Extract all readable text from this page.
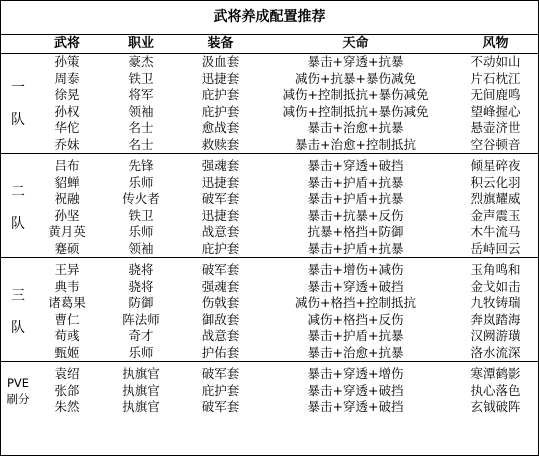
武将养成配置推荐
	武将	职业	装备	天命	风物

一
队	孙策	豪杰	汲血套	暴击+穿透+抗暴	不动如山
	周泰	铁卫	迅捷套	减伤+抗暴+暴伤减免	片石枕江
	徐晃	将军	庇护套	减伤+控制抵抗+暴伤减免	无间鹿鸣
	孙权	领袖	庇护套	减伤+控制抵抗+暴伤减免	望峰握心
	华佗	名士	愈战套	暴击+治愈+抗暴	悬壶济世
	乔妹	名士	救赎套	暴击+治愈+控制抵抗	空谷顿音

二
队	吕布	先锋	强魂套	暴击+穿透+破挡	倾星碎夜
	貂蝉	乐师	迅捷套	暴击+护盾+抗暴	积云化羽
	祝融	传火者	破军套	暴击+护盾+抗暴	烈旗耀威
	孙坚	铁卫	迅捷套	暴击+抗暴+反伤	金声震玉
	黄月英	乐师	战意套	抗暴+格挡+防御	木牛流马
	蹇硕	领袖	庇护套	暴击+护盾+抗暴	岳峙回云

三
队	王异	骁将	破军套	暴击+增伤+减伤	玉角鸣和
	典韦	骁将	强魂套	暴击+穿透+破挡	金戈如击
	诸葛果	防御	伤戟套	减伤+格挡+控制抵抗	九牧铸瑞
	曹仁	阵法师	御敌套	减伤+格挡+反伤	奔岚踏海
	荀彧	奇才	战意套	暴击+护盾+抗暴	汉阙游璜
	甄姬	乐师	护佑套	暴击+治愈+抗暴	洛水流深

PVE
刷分	袁绍	执旗官	破军套	暴击+穿透+增伤	寒潭鹤影
	张郃	执旗官	庇护套	暴击+穿透+破挡	执心落色
	朱然	执旗官	破军套	暴击+穿透+破挡	玄钺破阵
